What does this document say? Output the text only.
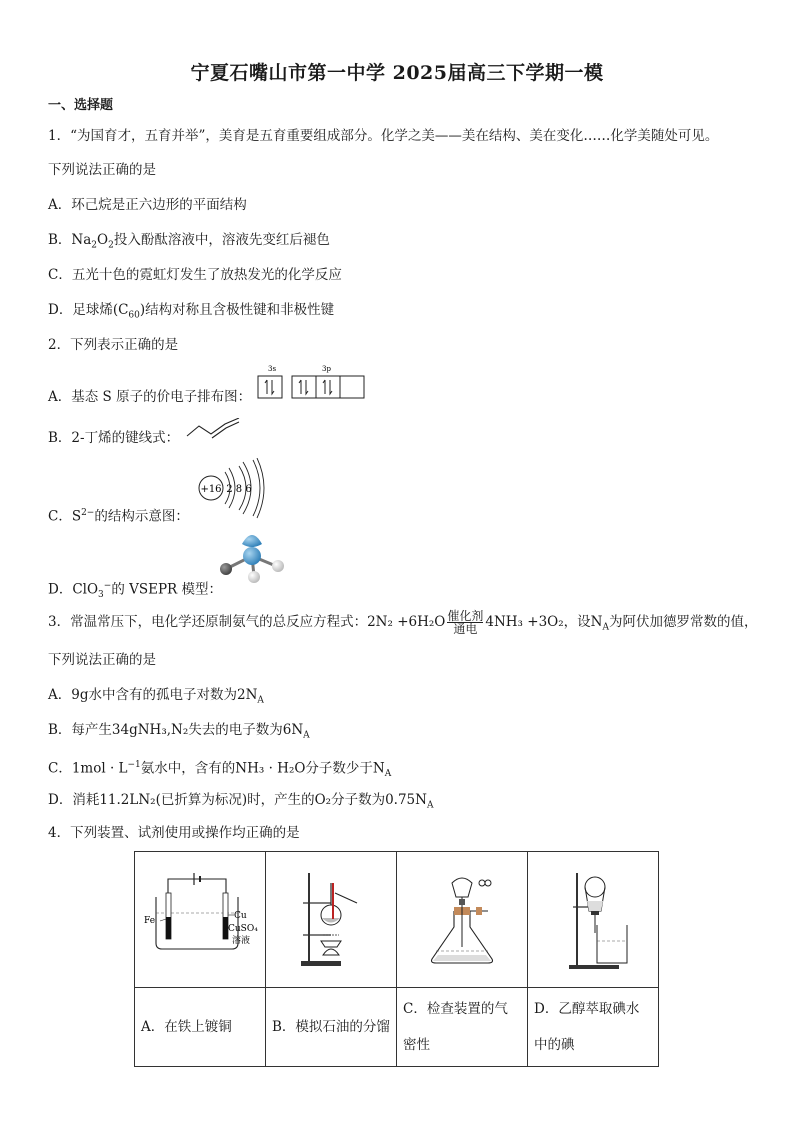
宁夏石嘴山市第一中学 2025届高三下学期一模
一、选择题
1．“为国育才，五育并举”，美育是五育重要组成部分。化学之美——美在结构、美在变化……化学美随处可见。
下列说法正确的是
A．环己烷是正六边形的平面结构
B．$Na_2O_2$投入酚酞溶液中，溶液先变红后褪色
C．五光十色的霓虹灯发生了放热发光的化学反应
D．足球烯$(C_{60})$结构对称且含极性键和非极性键
2．下列表示正确的是
A．基态 S 原子的价电子排布图：
3s	3p
B．2-丁烯的键线式：
C．$S^{2-}$的结构示意图：
+16 2 8 6
D．ClO$_3$−的 VSEPR 模型：
3．常温常压下，电化学还原制氨气的总反应方程式：2N₂ +6H₂O 催化剂
通电 4NH₃ +3O₂，设$N_A$为阿伏加德罗常数的值，
下列说法正确的是
A．9g水中含有的孤电子对数为$2N_A$
B．每产生34gNH₃,N₂失去的电子数为$6N_A$
C．$1mol \cdot L^{-1}$氨水中，含有的NH₃ · H₂O分子数少于$N_A$
D．消耗11.2LN₂(已折算为标况)时，产生的O₂分子数为$0.75N_A$
4．下列装置、试剂使用或操作均正确的是
Fe Cu
CuSO₄
溶液

A．在铁上镀铜	B．模拟石油的分馏	C．检查装置的气密性	D．乙醇萃取碘水中的碘
